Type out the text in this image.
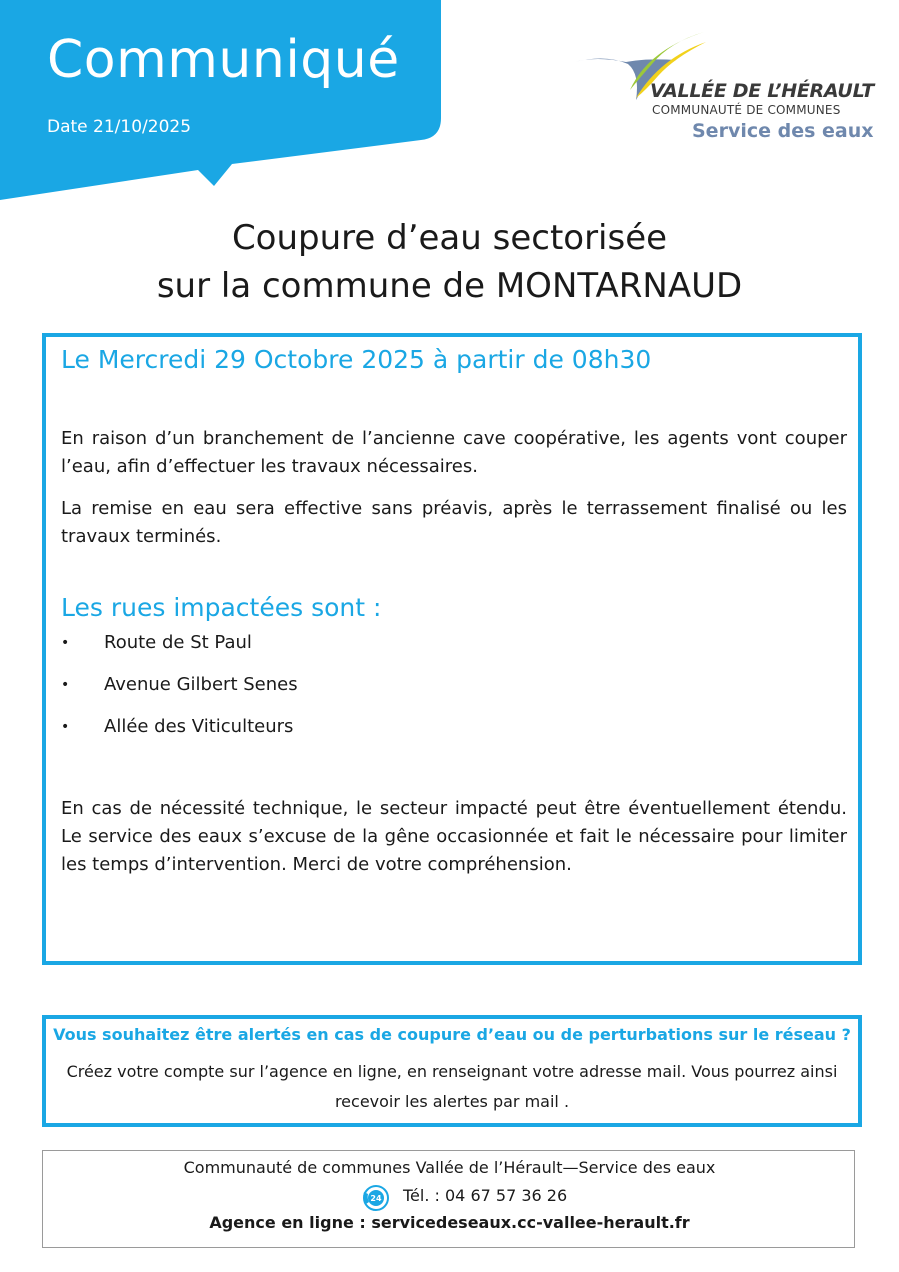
Communiqué
Date 21/10/2025
VALLÉE DE L’HÉRAULT
COMMUNAUTÉ DE COMMUNES
Service des eaux
Coupure d’eau sectorisée
sur la commune de MONTARNAUD
Le Mercredi 29 Octobre 2025 à partir de 08h30
En raison d’un branchement de l’ancienne cave coopérative, les agents vont couper l’eau, afin d’effectuer les travaux nécessaires.
La remise en eau sera effective sans préavis, après le terrassement finalisé ou les travaux terminés.
Les rues impactées sont :
• Route de St Paul
• Avenue Gilbert Senes
• Allée des Viticulteurs
En cas de nécessité technique, le secteur impacté peut être éventuellement étendu. Le service des eaux s’excuse de la gêne occasionnée et fait le nécessaire pour limiter les temps d’intervention. Merci de votre compréhension.
Vous souhaitez être alertés en cas de coupure d’eau ou de perturbations sur le réseau ?
Créez votre compte sur l’agence en ligne, en renseignant votre adresse mail. Vous pourrez ainsi recevoir les alertes par mail .
Communauté de communes Vallée de l’Hérault—Service des eaux
24 Tél. : 04 67 57 36 26
Agence en ligne : servicedeseaux.cc-vallee-herault.fr
